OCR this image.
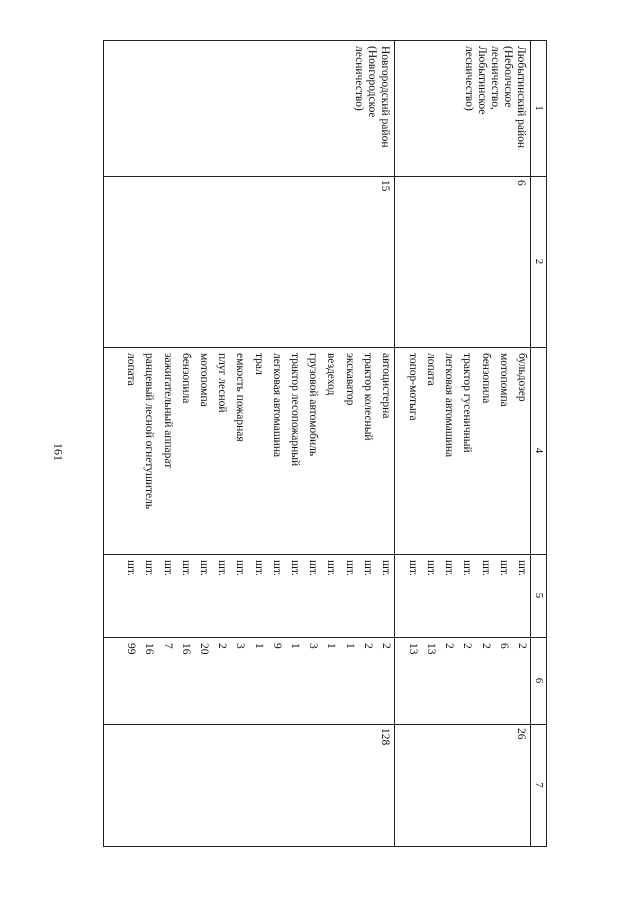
161
1
2
4
5
6
7
Любытинский район (Неболчское лесничество, Любытинское лесничество)
6
26
бульдозер
шт.
2
мотопомпа
шт.
6
бензопила
шт.
2
трактор гусеничный
шт.
2
легковая автомашина
шт.
2
лопата
шт.
13
топор-мотыга
шт.
13
Новгородский район (Новгородское лесничество)
15
128
автоцистерна
шт.
2
трактор колесный
шт.
2
экскаватор
шт.
1
вездеход
шт.
1
грузовой автомобиль
шт.
3
трактор лесопожарный
шт.
1
легковая автомашина
шт.
9
трал
шт.
1
емкость пожарная
шт.
3
плуг лесной
шт.
2
мотопомпа
шт.
20
бензопила
шт.
16
зажигательный аппарат
шт.
7
ранцевый лесной огнетушитель
шт.
16
лопата
шт.
99
